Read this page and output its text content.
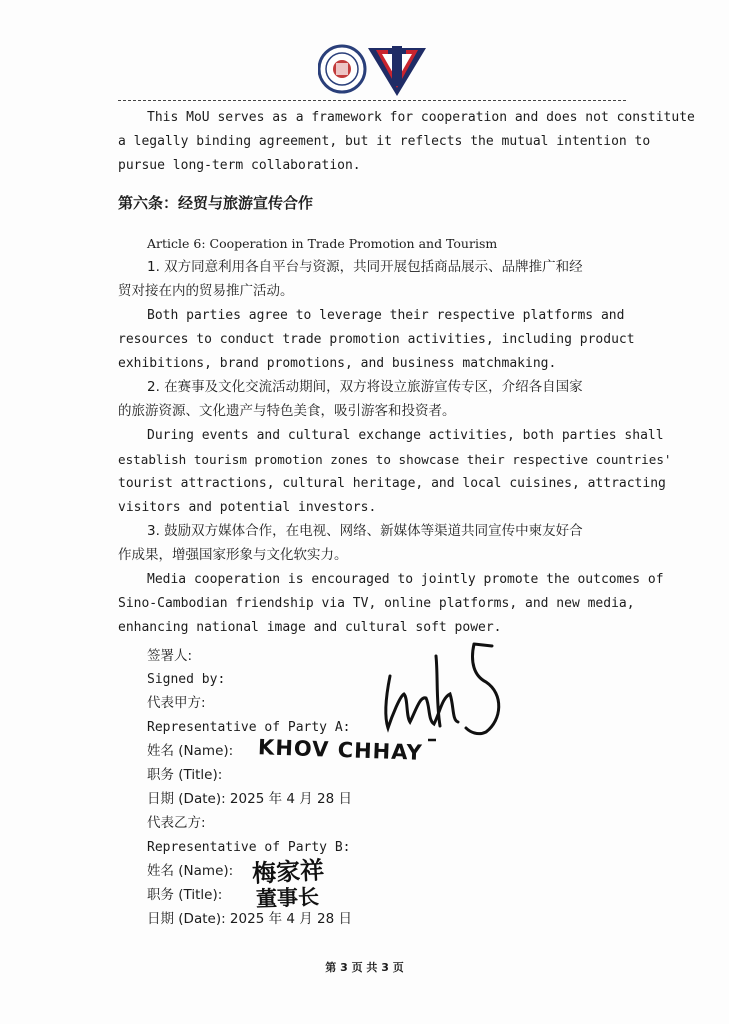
This MoU serves as a framework for cooperation and does not constitute
a legally binding agreement, but it reflects the mutual intention to
pursue long-term collaboration.
第六条：经贸与旅游宣传合作
Article 6: Cooperation in Trade Promotion and Tourism
1. 双方同意利用各自平台与资源，共同开展包括商品展示、品牌推广和经
贸对接在内的贸易推广活动。
Both parties agree to leverage their respective platforms and
resources to conduct trade promotion activities, including product
exhibitions, brand promotions, and business matchmaking.
2. 在赛事及文化交流活动期间，双方将设立旅游宣传专区，介绍各自国家
的旅游资源、文化遗产与特色美食，吸引游客和投资者。
During events and cultural exchange activities, both parties shall
establish tourism promotion zones to showcase their respective countries'
tourist attractions, cultural heritage, and local cuisines, attracting
visitors and potential investors.
3. 鼓励双方媒体合作，在电视、网络、新媒体等渠道共同宣传中柬友好合
作成果，增强国家形象与文化软实力。
Media cooperation is encouraged to jointly promote the outcomes of
Sino-Cambodian friendship via TV, online platforms, and new media,
enhancing national image and cultural soft power.
签署人:
Signed by:
代表甲方:
Representative of Party A:
姓名 (Name):
职务 (Title):
日期 (Date): 2025 年 4 月 28 日
代表乙方:
Representative of Party B:
姓名 (Name):
职务 (Title):
日期 (Date): 2025 年 4 月 28 日
KHOV CHHAY
梅家祥
董事长
第 3 页 共 3 页
